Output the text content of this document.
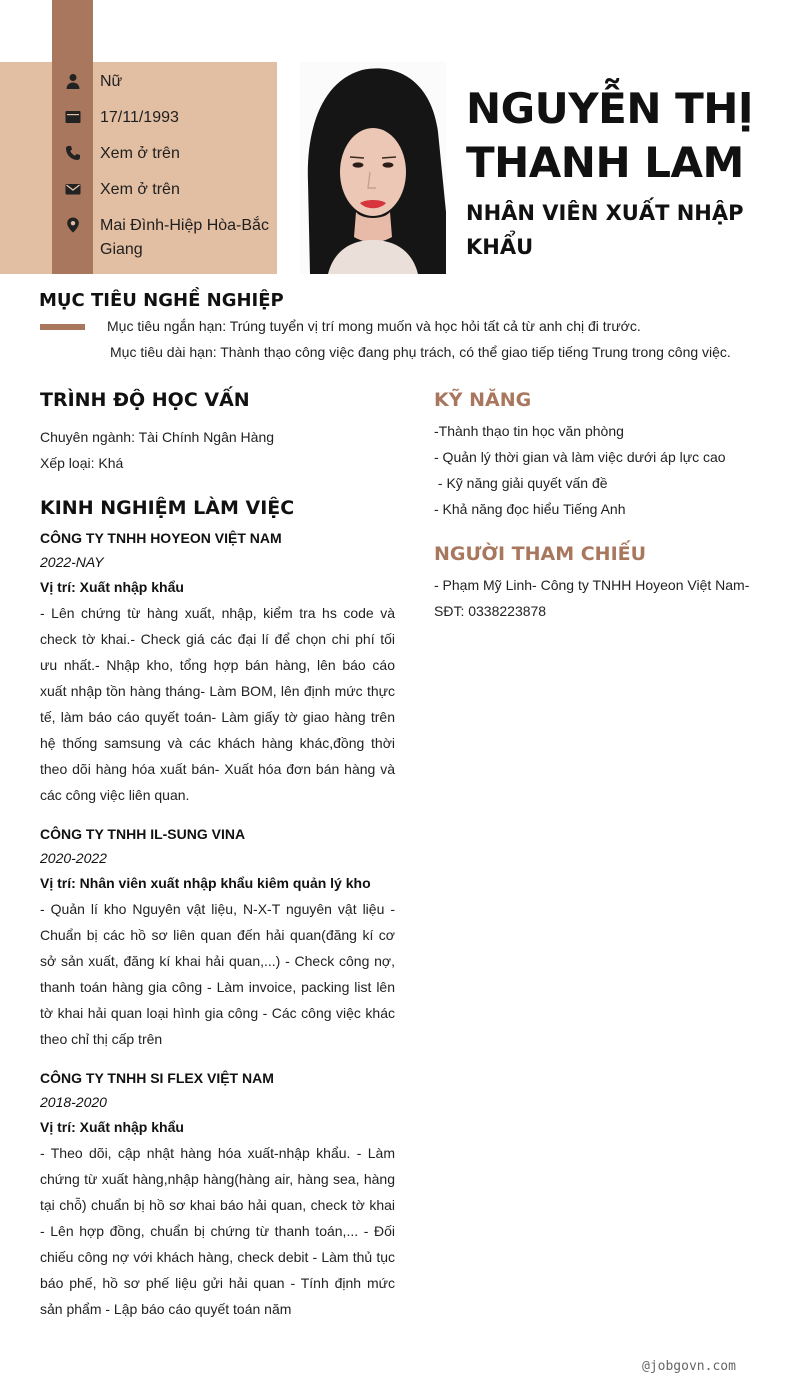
Nữ
17/11/1993
Xem ở trên
Xem ở trên
Mai Đình-Hiệp Hòa-Bắc Giang
NGUYỄN THỊ
THANH LAM
NHÂN VIÊN XUẤT NHẬP KHẨU
MỤC TIÊU NGHỀ NGHIỆP
Mục tiêu ngắn hạn: Trúng tuyển vị trí mong muốn và học hỏi tất cả từ anh chị đi trước.
Mục tiêu dài hạn: Thành thạo công việc đang phụ trách, có thể giao tiếp tiếng Trung trong công việc.
TRÌNH ĐỘ HỌC VẤN
Chuyên ngành: Tài Chính Ngân Hàng
Xếp loại: Khá
KINH NGHIỆM LÀM VIỆC
CÔNG TY TNHH HOYEON VIỆT NAM
2022-NAY
Vị trí: Xuất nhập khẩu
- Lên chứng từ hàng xuất, nhập, kiểm tra hs code và check tờ khai.- Check giá các đại lí để chọn chi phí tối ưu nhất.- Nhập kho, tổng hợp bán hàng, lên báo cáo xuất nhập tồn hàng tháng- Làm BOM, lên định mức thực tế, làm báo cáo quyết toán- Làm giấy tờ giao hàng trên hệ thống samsung và các khách hàng khác,đồng thời theo dõi hàng hóa xuất bán- Xuất hóa đơn bán hàng và các công việc liên quan.
CÔNG TY TNHH IL-SUNG VINA
2020-2022
Vị trí: Nhân viên xuất nhập khẩu kiêm quản lý kho
- Quản lí kho Nguyên vật liệu, N-X-T nguyên vật liệu - Chuẩn bị các hồ sơ liên quan đến hải quan(đăng kí cơ sở sản xuất, đăng kí khai hải quan,...) - Check công nợ, thanh toán hàng gia công - Làm invoice, packing list lên tờ khai hải quan loại hình gia công - Các công việc khác theo chỉ thị cấp trên
CÔNG TY TNHH SI FLEX VIỆT NAM
2018-2020
Vị trí: Xuất nhập khẩu
- Theo dõi, cập nhật hàng hóa xuất-nhập khẩu. - Làm chứng từ xuất hàng,nhập hàng(hàng air, hàng sea, hàng tại chỗ) chuẩn bị hồ sơ khai báo hải quan, check tờ khai - Lên hợp đồng, chuẩn bị chứng từ thanh toán,... - Đối chiếu công nợ với khách hàng, check debit - Làm thủ tục báo phế, hồ sơ phế liệu gửi hải quan - Tính định mức sản phẩm - Lập báo cáo quyết toán năm
KỸ NĂNG
-Thành thạo tin học văn phòng
- Quản lý thời gian và làm việc dưới áp lực cao
- Kỹ năng giải quyết vấn đề
- Khả năng đọc hiểu Tiếng Anh
NGƯỜI THAM CHIẾU
- Phạm Mỹ Linh- Công ty TNHH Hoyeon Việt Nam-
SĐT: 0338223878
@jobgovn.com
